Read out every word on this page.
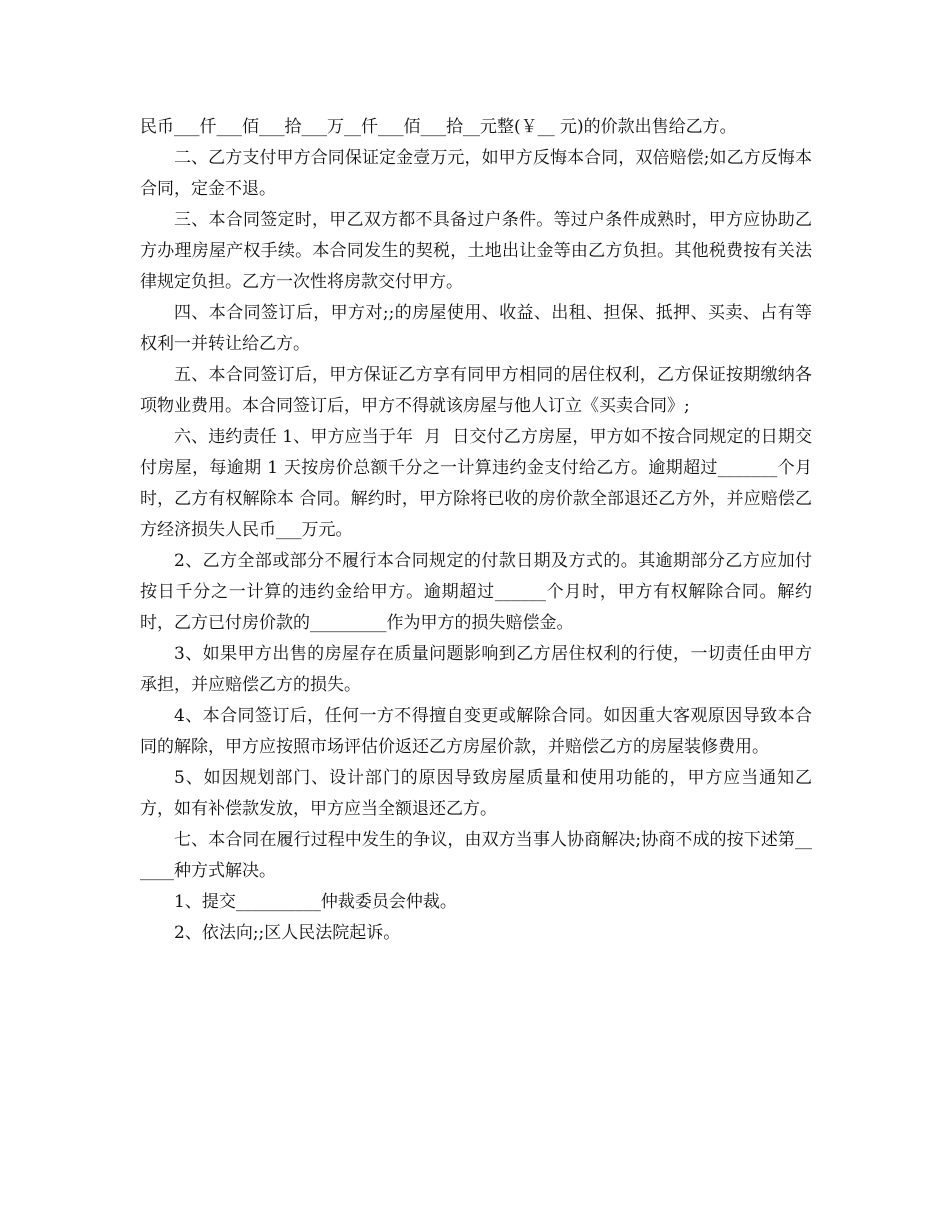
民币___仟___佰___拾___万__仟___佰___拾__元整(￥__ 元)的价款出售给乙方。

二、乙方支付甲方合同保证定金壹万元，如甲方反悔本合同，双倍赔偿;如乙方反悔本合同，定金不退。

三、本合同签定时，甲乙双方都不具备过户条件。等过户条件成熟时，甲方应协助乙方办理房屋产权手续。本合同发生的契税，土地出让金等由乙方负担。其他税费按有关法律规定负担。乙方一次性将房款交付甲方。

四、本合同签订后，甲方对;;的房屋使用、收益、出租、担保、抵押、买卖、占有等权利一并转让给乙方。

五、本合同签订后，甲方保证乙方享有同甲方相同的居住权利，乙方保证按期缴纳各项物业费用。本合同签订后，甲方不得就该房屋与他人订立《买卖合同》;

六、违约责任 1、甲方应当于年  月  日交付乙方房屋，甲方如不按合同规定的日期交付房屋，每逾期 1 天按房价总额千分之一计算违约金支付给乙方。逾期超过_______个月时，乙方有权解除本 合同。解约时，甲方除将已收的房价款全部退还乙方外，并应赔偿乙方经济损失人民币___万元。

2、乙方全部或部分不履行本合同规定的付款日期及方式的。其逾期部分乙方应加付按日千分之一计算的违约金给甲方。逾期超过______个月时，甲方有权解除合同。解约时，乙方已付房价款的_________作为甲方的损失赔偿金。

3、如果甲方出售的房屋存在质量问题影响到乙方居住权利的行使，一切责任由甲方承担，并应赔偿乙方的损失。

4、本合同签订后，任何一方不得擅自变更或解除合同。如因重大客观原因导致本合同的解除，甲方应按照市场评估价返还乙方房屋价款，并赔偿乙方的房屋装修费用。

5、如因规划部门、设计部门的原因导致房屋质量和使用功能的，甲方应当通知乙方，如有补偿款发放，甲方应当全额退还乙方。

七、本合同在履行过程中发生的争议，由双方当事人协商解决;协商不成的按下述第______种方式解决。

1、提交__________仲裁委员会仲裁。

2、依法向;;区人民法院起诉。
